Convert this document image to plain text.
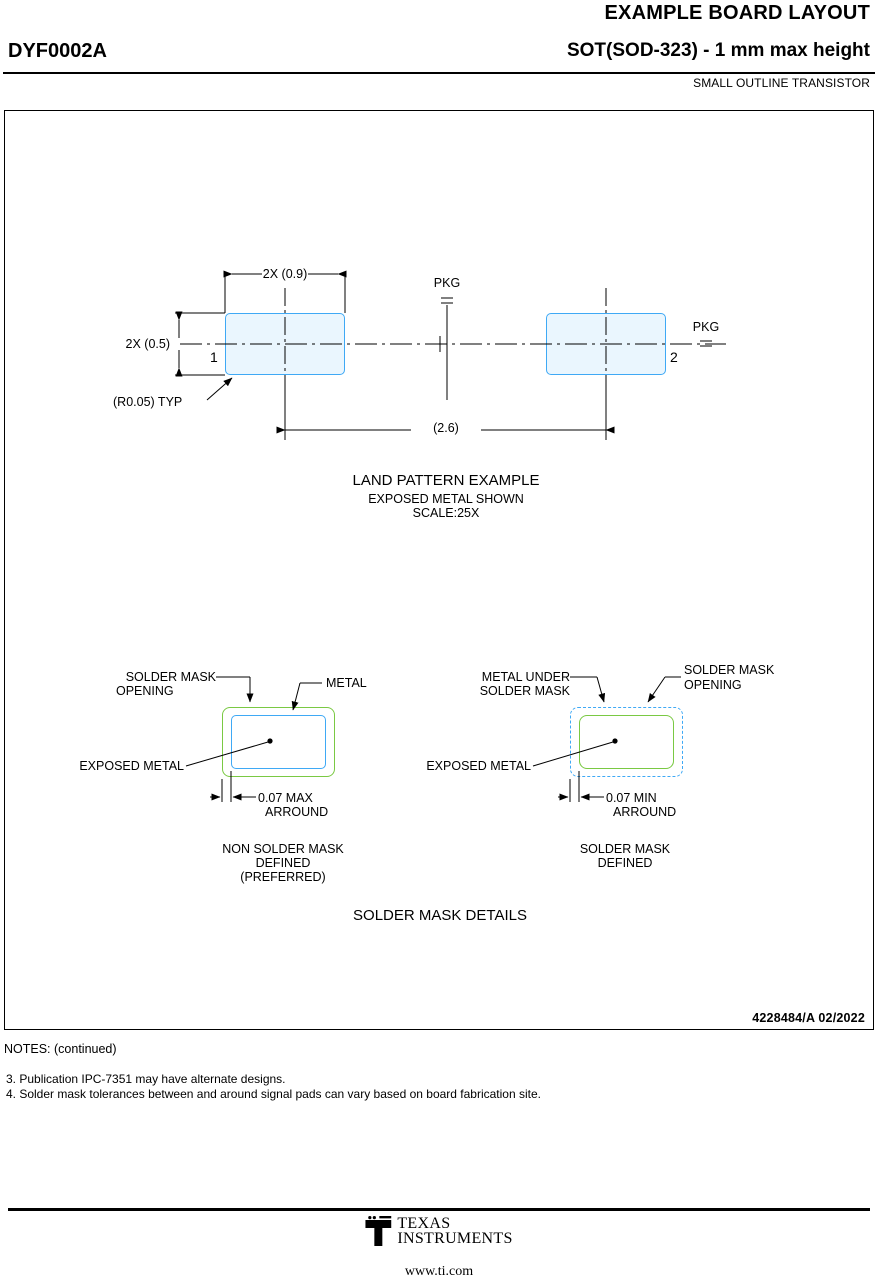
EXAMPLE BOARD LAYOUT
DYF0002A	SOT(SOD-323) - 1 mm max height
SMALL OUTLINE TRANSISTOR
4228484/A 02/2022
2X (0.9)
2X (0.5)
(R0.05) TYP
1	2
PKG
PKG
(2.6)
LAND PATTERN EXAMPLE
EXPOSED METAL SHOWN
SCALE:25X
SOLDER MASK
OPENING
METAL
EXPOSED METAL
0.07 MAX
ARROUND
NON SOLDER MASK
DEFINED
(PREFERRED)
METAL UNDER
SOLDER MASK
SOLDER MASK
OPENING
EXPOSED METAL
0.07 MIN
ARROUND
SOLDER MASK
DEFINED
SOLDER MASK DETAILS
NOTES: (continued)
3. Publication IPC-7351 may have alternate designs.
4. Solder mask tolerances between and around signal pads can vary based on board fabrication site.
TEXAS
INSTRUMENTS
www.ti.com
